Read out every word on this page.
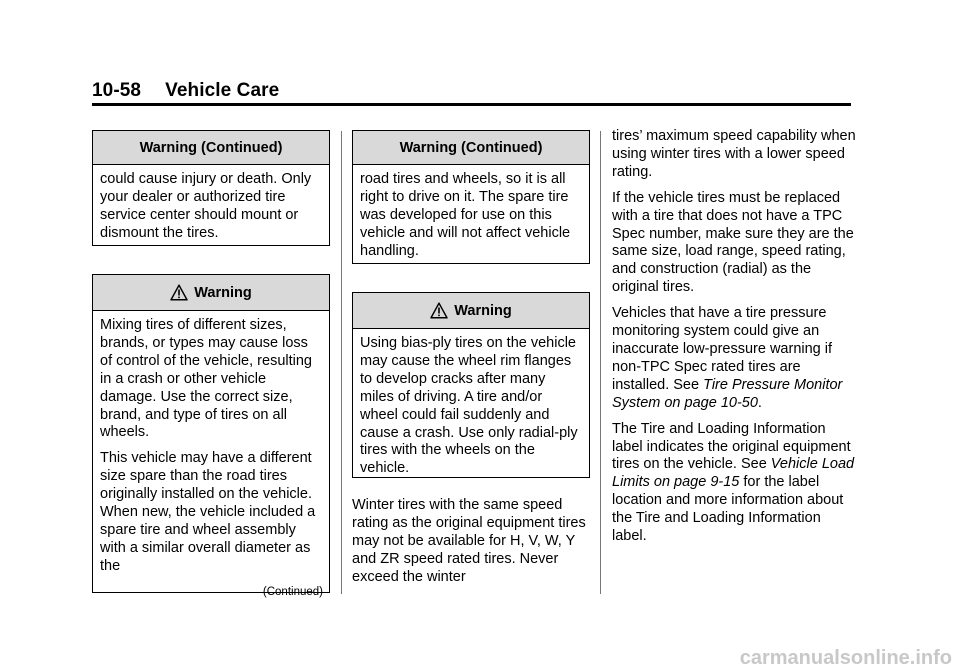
10-58 Vehicle Care
Warning (Continued)

could cause injury or death. Only your dealer or authorized tire service center should mount or dismount the tires.

Warning

Mixing tires of different sizes, brands, or types may cause loss of control of the vehicle, resulting in a crash or other vehicle damage. Use the correct size, brand, and type of tires on all wheels.

This vehicle may have a different size spare than the road tires originally installed on the vehicle. When new, the vehicle included a spare tire and wheel assembly with a similar overall diameter as the

(Continued)
Warning (Continued)

road tires and wheels, so it is all right to drive on it. The spare tire was developed for use on this vehicle and will not affect vehicle handling.

Warning

Using bias-ply tires on the vehicle may cause the wheel rim flanges to develop cracks after many miles of driving. A tire and/or wheel could fail suddenly and cause a crash. Use only radial-ply tires with the wheels on the vehicle.

Winter tires with the same speed rating as the original equipment tires may not be available for H, V, W, Y and ZR speed rated tires. Never exceed the winter

tires’ maximum speed capability when using winter tires with a lower speed rating.

If the vehicle tires must be replaced with a tire that does not have a TPC Spec number, make sure they are the same size, load range, speed rating, and construction (radial) as the original tires.

Vehicles that have a tire pressure monitoring system could give an inaccurate low-pressure warning if non-TPC Spec rated tires are installed. See Tire Pressure Monitor System on page 10-50.

The Tire and Loading Information label indicates the original equipment tires on the vehicle. See Vehicle Load Limits on page 9-15 for the label location and more information about the Tire and Loading Information label.

carmanualsonline.info
